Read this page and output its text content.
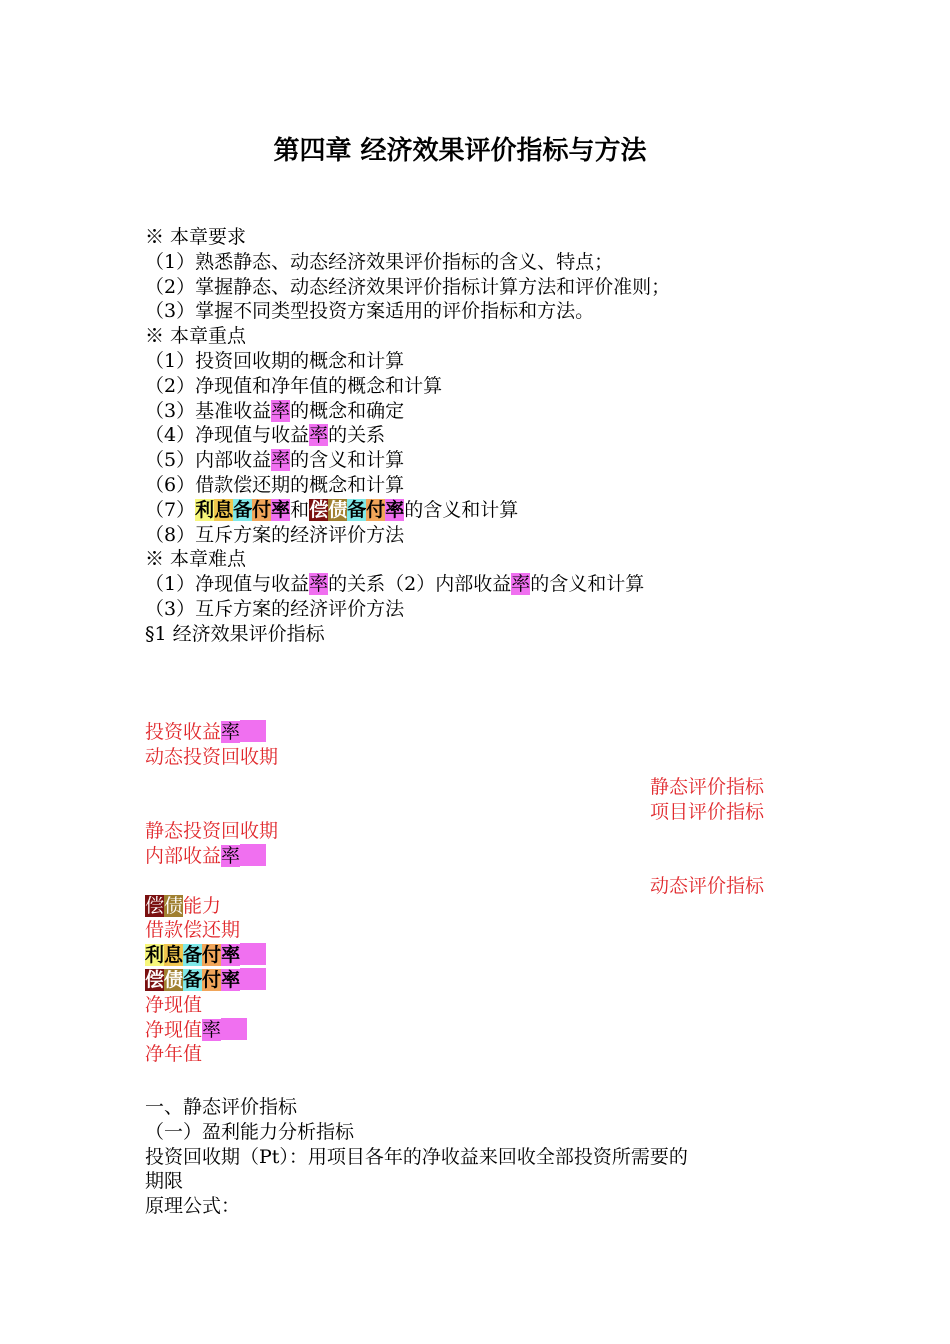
第四章 经济效果评价指标与方法
※ 本章要求
（1）熟悉静态、动态经济效果评价指标的含义、特点；
（2）掌握静态、动态经济效果评价指标计算方法和评价准则；
（3）掌握不同类型投资方案适用的评价指标和方法。
※ 本章重点
（1）投资回收期的概念和计算
（2）净现值和净年值的概念和计算
（3）基准收益率的概念和确定
（4）净现值与收益率的关系
（5）内部收益率的含义和计算
（6）借款偿还期的概念和计算
（7）利息备付率和偿债备付率的含义和计算
（8）互斥方案的经济评价方法
※ 本章难点
（1）净现值与收益率的关系（2）内部收益率的含义和计算
（3）互斥方案的经济评价方法
§1 经济效果评价指标
投资收益率
动态投资回收期
静态投资回收期
内部收益率
偿债能力
借款偿还期
利息备付率
偿债备付率
净现值
净现值率
净年值
静态评价指标
项目评价指标
动态评价指标
一、静态评价指标
（一）盈利能力分析指标
投资回收期（Pt）：用项目各年的净收益来回收全部投资所需要的
期限
原理公式：
